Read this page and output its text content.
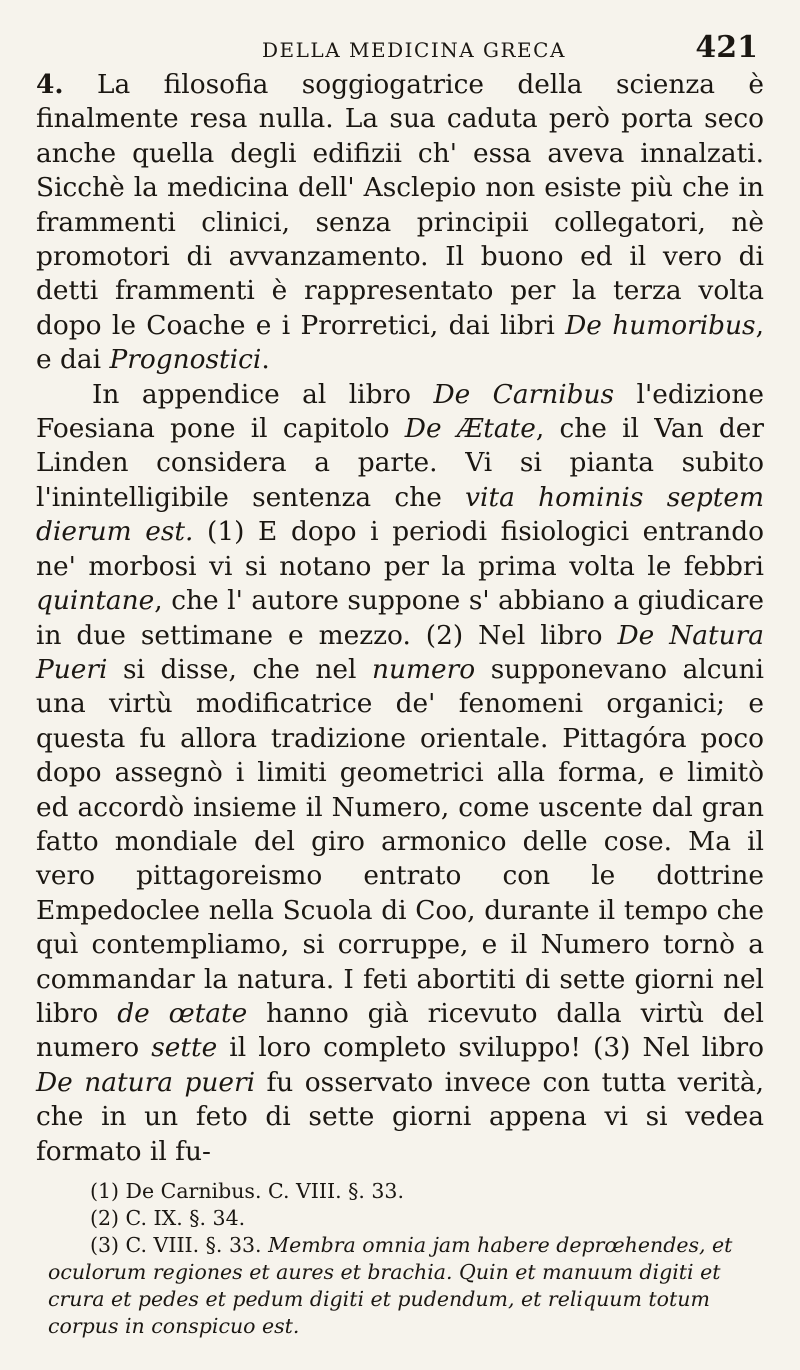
DELLA MEDICINA GRECA	421

4. La filosofia soggiogatrice della scienza è finalmente resa nulla. La sua caduta però porta seco anche quella degli edifizii ch' essa aveva innalzati. Sicchè la medicina dell' Asclepio non esiste più che in frammenti clinici, senza principii collegatori, nè promotori di avvanzamento. Il buono ed il vero di detti frammenti è rappresentato per la terza volta dopo le Coache e i Prorretici, dai libri De humoribus, e dai Prognostici.

In appendice al libro De Carnibus l'edizione Foesiana pone il capitolo De Ætate, che il Van der Linden considera a parte. Vi si pianta subito l'inintelligibile sentenza che vita hominis septem dierum est. (1) E dopo i periodi fisiologici entrando ne' morbosi vi si notano per la prima volta le febbri quintane, che l' autore suppone s' abbiano a giudicare in due settimane e mezzo. (2) Nel libro De Natura Pueri si disse, che nel numero supponevano alcuni una virtù modificatrice de' fenomeni organici; e questa fu allora tradizione orientale. Pittagóra poco dopo assegnò i limiti geometrici alla forma, e limitò ed accordò insieme il Numero, come uscente dal gran fatto mondiale del giro armonico delle cose. Ma il vero pittagoreismo entrato con le dottrine Empedoclee nella Scuola di Coo, durante il tempo che quì contempliamo, si corruppe, e il Numero tornò a commandar la natura. I feti abortiti di sette giorni nel libro de œtate hanno già ricevuto dalla virtù del numero sette il loro completo sviluppo! (3) Nel libro De natura pueri fu osservato invece con tutta verità, che in un feto di sette giorni appena vi si vedea formato il fu-

(1) De Carnibus. C. VIII. §. 33.
(2) C. IX. §. 34.
(3) C. VIII. §. 33. Membra omnia jam habere deprœhendes, et oculorum regiones et aures et brachia. Quin et manuum digiti et crura et pedes et pedum digiti et pudendum, et reliquum totum corpus in conspicuo est.
